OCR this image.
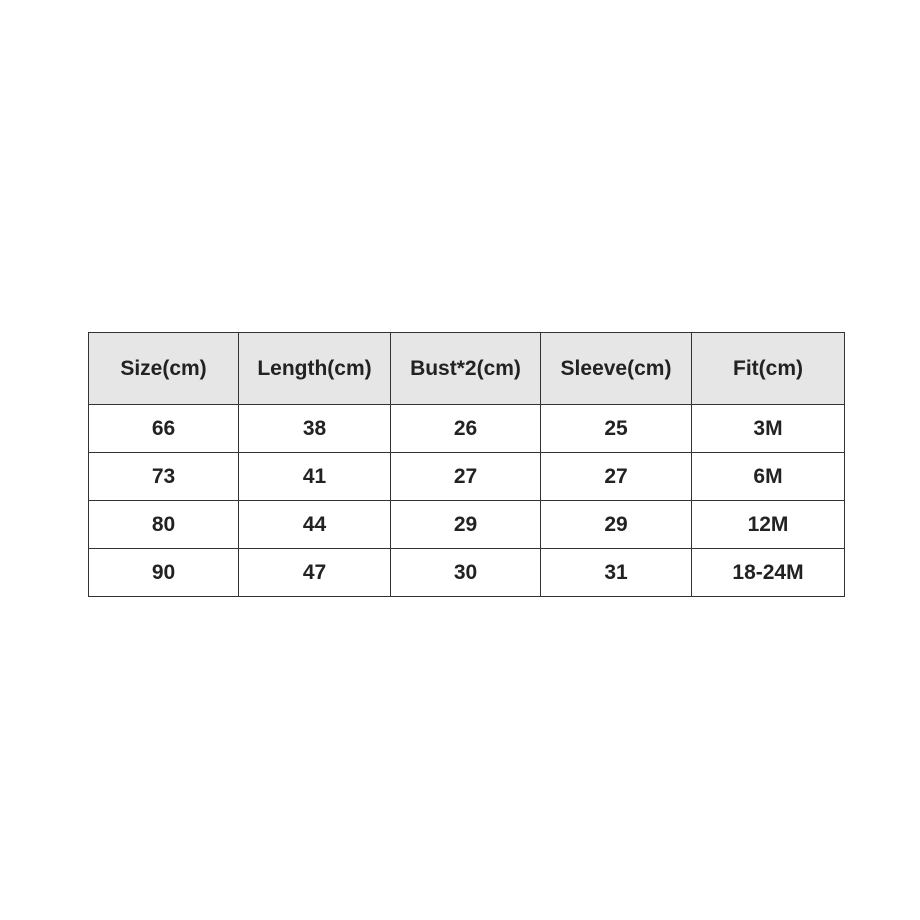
Size(cm)	Length(cm)	Bust*2(cm)	Sleeve(cm)	Fit(cm)
66	38	26	25	3M
73	41	27	27	6M
80	44	29	29	12M
90	47	30	31	18-24M
